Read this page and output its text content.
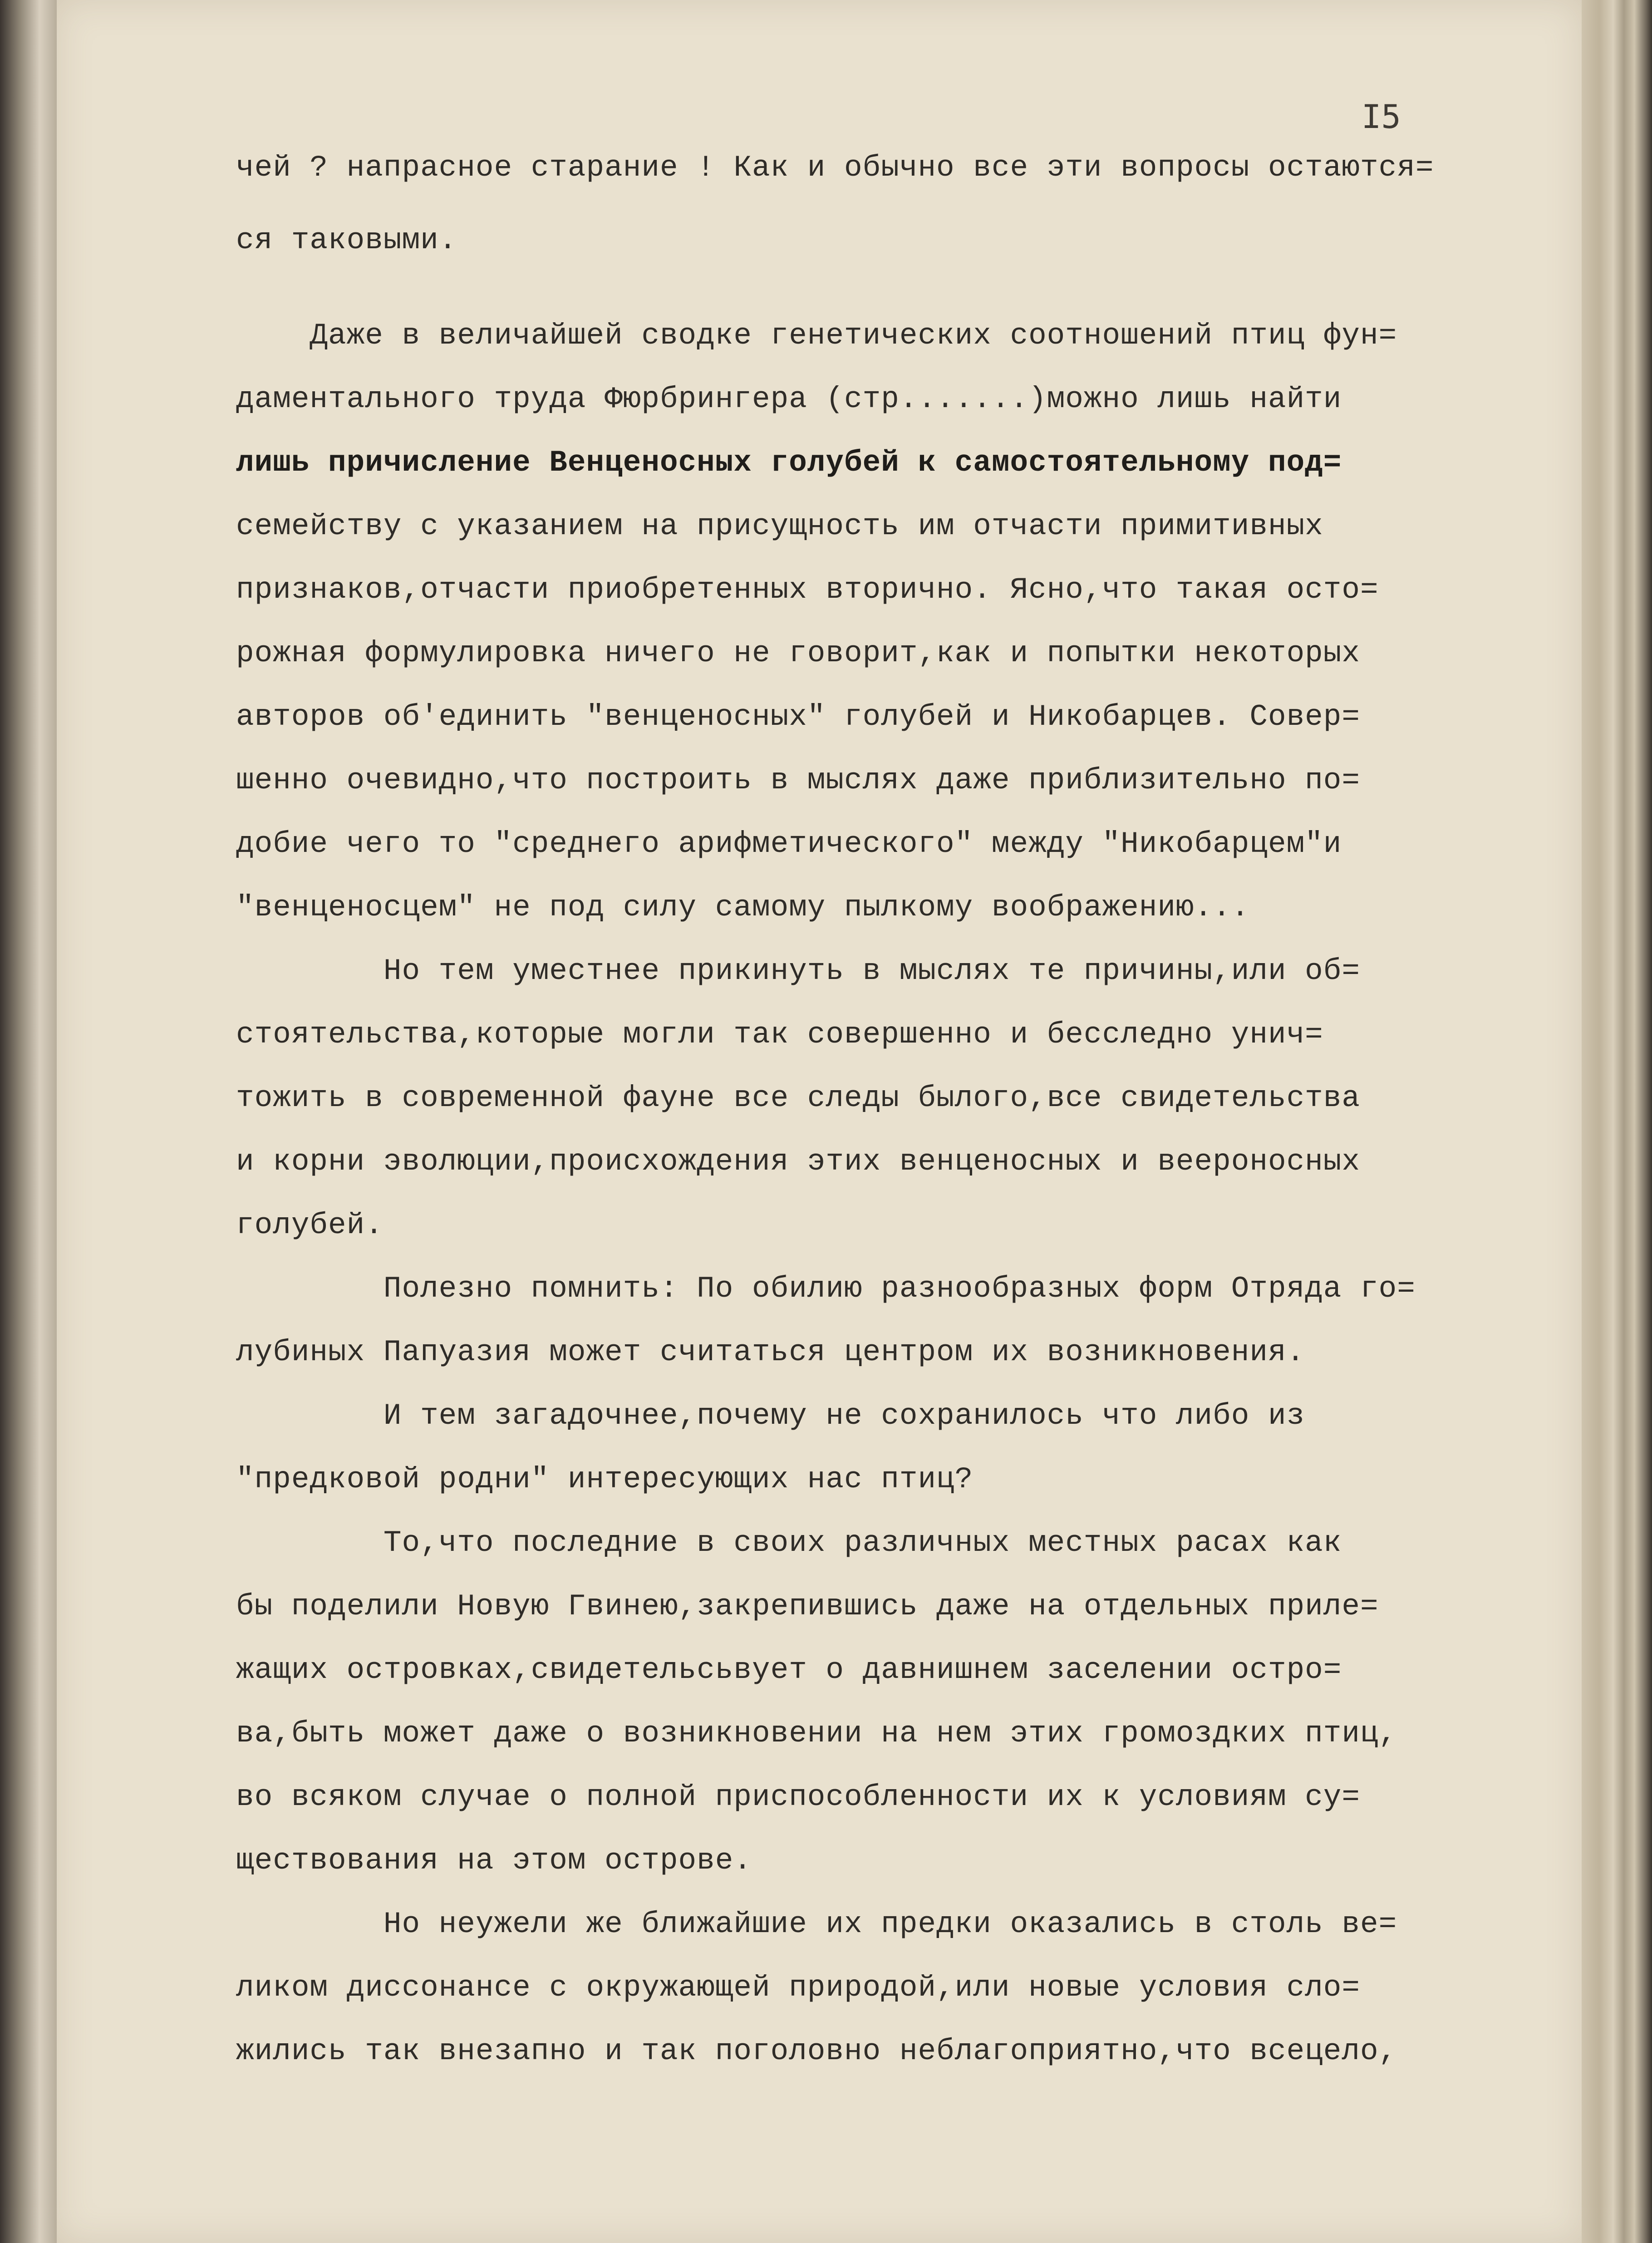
I5
чей ? напрасное старание ! Как и обычно все эти вопросы остаются=
ся таковыми.
Даже в величайшей сводке генетических соотношений птиц фун=
даментального труда Фюрбрингера (стр.......)можно лишь найти
лишь причисление Венценосных голубей к самостоятельному под=
семейству с указанием на присущность им отчасти примитивных
признаков,отчасти приобретенных вторично. Ясно,что такая осто=
рожная формулировка ничего не говорит,как и попытки некоторых
авторов об'единить "венценосных" голубей и Никобарцев. Совер=
шенно очевидно,что построить в мыслях даже приблизительно по=
добие чего то "среднего арифметического" между "Никобарцем"и
"венценосцем" не под силу самому пылкому воображению...
Но тем уместнее прикинуть в мыслях те причины,или об=
стоятельства,которые могли так совершенно и бесследно унич=
тожить в современной фауне все следы былого,все свидетельства
и корни эволюции,происхождения этих венценосных и веероносных
голубей.
Полезно помнить: По обилию разнообразных форм Отряда го=
лубиных Папуазия может считаться центром их возникновения.
И тем загадочнее,почему не сохранилось что либо из
"предковой родни" интересующих нас птиц?
То,что последние в своих различных местных расах как
бы поделили Новую Гвинею,закрепившись даже на отдельных приле=
жащих островках,свидетельсьвует о давнишнем заселении остро=
ва,быть может даже о возникновении на нем этих громоздких птиц,
во всяком случае о полной приспособленности их к условиям су=
ществования на этом острове.
Но неужели же ближайшие их предки оказались в столь ве=
ликом диссонансе с окружающей природой,или новые условия сло=
жились так внезапно и так поголовно неблагоприятно,что всецело,
